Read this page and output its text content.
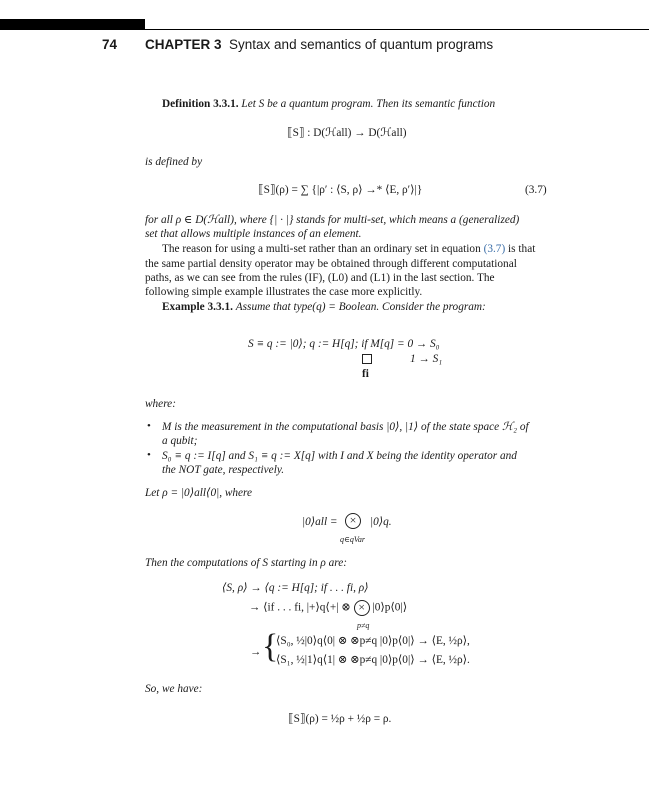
74 CHAPTER 3 Syntax and semantics of quantum programs
Definition 3.3.1. Let S be a quantum program. Then its semantic function
⟦S⟧ : D(ℋall) → D(ℋall)
is defined by
⟦S⟧(ρ) = ∑ {|ρ′ : ⟨S, ρ⟩ →* ⟨E, ρ′⟩|}	(3.7)
for all ρ ∈ D(ℋall), where {| · |} stands for multi-set, which means a (generalized)
set that allows multiple instances of an element.
The reason for using a multi-set rather than an ordinary set in equation (3.7) is that
the same partial density operator may be obtained through different computational
paths, as we can see from the rules (IF), (L0) and (L1) in the last section. The
following simple example illustrates the case more explicitly.
Example 3.3.1. Assume that type(q) = Boolean. Consider the program:
S ≡ q := |0⟩; q := H[q]; if M[q] = 0 → S₀
1 → S₁
fi
where:
• M is the measurement in the computational basis |0⟩, |1⟩ of the state space ℋ₂ of
a qubit;
• S₀ ≡ q := I[q] and S₁ ≡ q := X[q] with I and X being the identity operator and
the NOT gate, respectively.
Let ρ = |0⟩all⟨0|, where
|0⟩all =	×	|0⟩q.
q∈qVar
Then the computations of S starting in ρ are:
⟨S, ρ⟩ → ⟨q := H[q]; if . . . fi, ρ⟩
→ ⟨if . . . fi, |+⟩q⟨+| ⊗ × |0⟩p⟨0|⟩
p≠q
→ {
⟨S₀, ½|0⟩q⟨0| ⊗ ⊗p≠q |0⟩p⟨0|⟩ → ⟨E, ½ρ⟩,
⟨S₁, ½|1⟩q⟨1| ⊗ ⊗p≠q |0⟩p⟨0|⟩ → ⟨E, ½ρ⟩.
So, we have:
⟦S⟧(ρ) = ½ρ + ½ρ = ρ.
